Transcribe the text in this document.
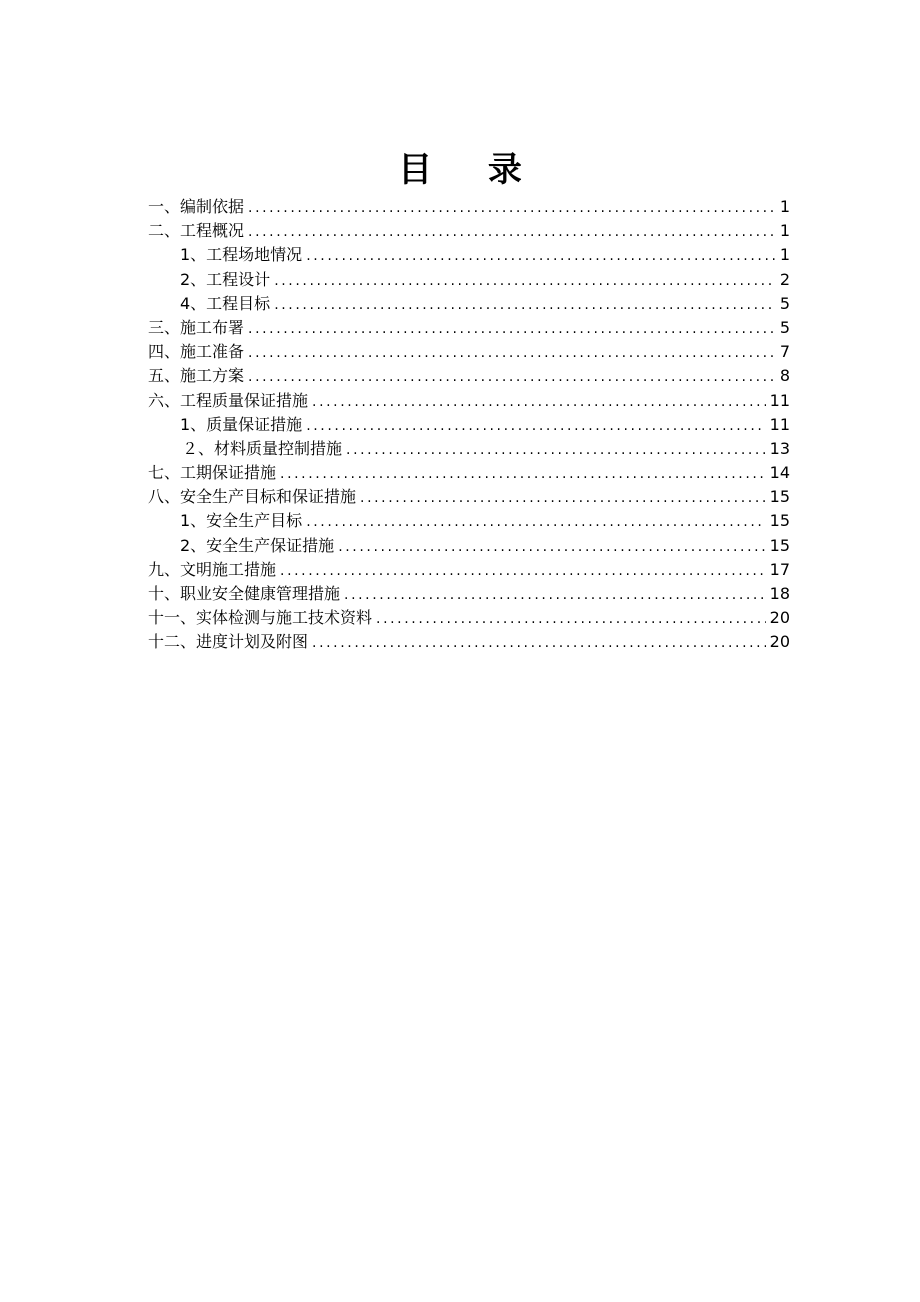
目 录
一、编制依据 .....	1
二、工程概况 .....	1
1、工程场地情况 .....	1
2、工程设计 .....	2
4、工程目标 .....	5
三、施工布署 .....	5
四、施工准备 .....	7
五、施工方案 .....	8
六、工程质量保证措施 .....	11
1、质量保证措施 .....	11
２、材料质量控制措施 .....	13
七、工期保证措施 .....	14
八、安全生产目标和保证措施 .....	15
1、安全生产目标 .....	15
2、安全生产保证措施 .....	15
九、文明施工措施 .....	17
十、职业安全健康管理措施 .....	18
十一、实体检测与施工技术资料 .....	20
十二、进度计划及附图 .....	20
